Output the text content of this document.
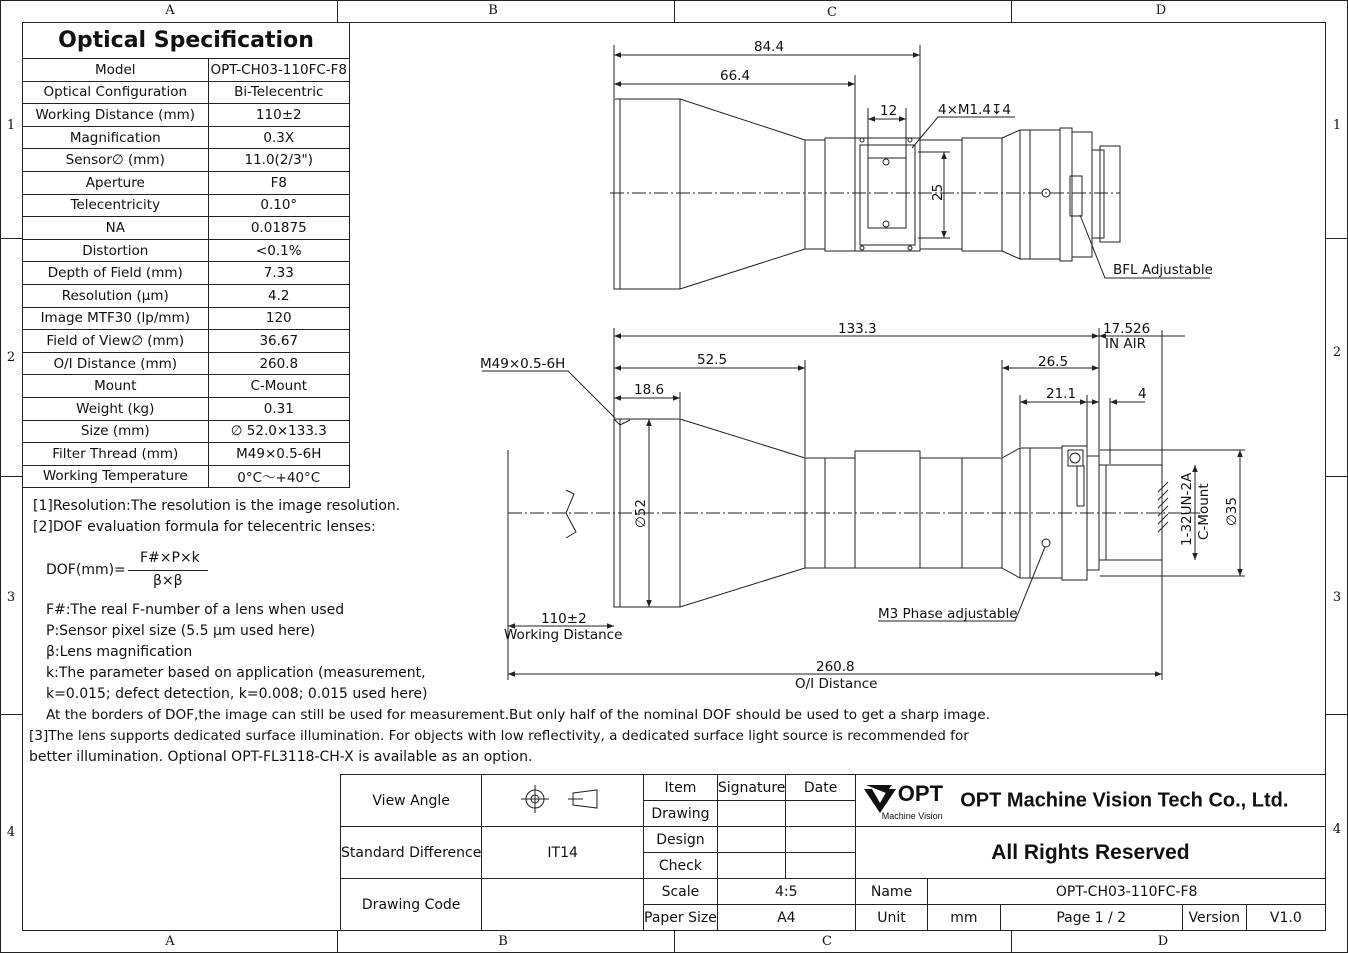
A	B	C	D
A	B	C	D
1
2
3
4
1
2
3
4
Optical Specification	
Model	OPT-CH03-110FC-F8
Optical Configuration	Bi-Telecentric
Working Distance (mm)	110±2
Magnification	0.3X
Sensor∅ (mm)	11.0(2/3")
Aperture	F8
Telecentricity	0.10°
NA	0.01875
Distortion	<0.1%
Depth of Field (mm)	7.33
Resolution (µm)	4.2
Image MTF30 (lp/mm)	120
Field of View∅ (mm)	36.67
O/I Distance (mm)	260.8
Mount	C-Mount
Weight (kg)	0.31
Size (mm)	∅ 52.0×133.3
Filter Thread (mm)	M49×0.5-6H
Working Temperature	0°C～+40°C
[1]Resolution:The resolution is the image resolution.
[2]DOF evaluation formula for telecentric lenses:
DOF(mm)=
F#×P×k
β×β
F#:The real F-number of a lens when used
P:Sensor pixel size (5.5 µm used here)
β:Lens magnification
k:The parameter based on application (measurement,
k=0.015; defect detection, k=0.008; 0.015 used here)
At the borders of DOF,the image can still be used for measurement.But only half of the nominal DOF should be used to get a sharp image.
[3]The lens supports dedicated surface illumination. For objects with low reflectivity, a dedicated surface light source is recommended for
better illumination. Optional OPT-FL3118-CH-X is available as an option.
84.4
66.4
12
25
4×M1.4↧4
BFL Adjustable
133.3	17.526
IN AIR
52.5	26.5
18.6	21.1	4
M49×0.5-6H
∅52	∅35
1-32UN-2A C-Mount
110±2
Working Distance
260.8
O/I Distance
M3 Phase adjustable
View Angle		Item	Signature	Date	OPT
Machine Vision
OPT Machine Vision Tech Co., Ltd.				
		Drawing							
Standard Difference	IT14	Design			All Rights Reserved				
		Check							
Drawing Code		Scale	4:5		Name	OPT-CH03-110FC-F8			
		Paper Size	A4		Unit	mm	Page 1 / 2	Version	V1.0
